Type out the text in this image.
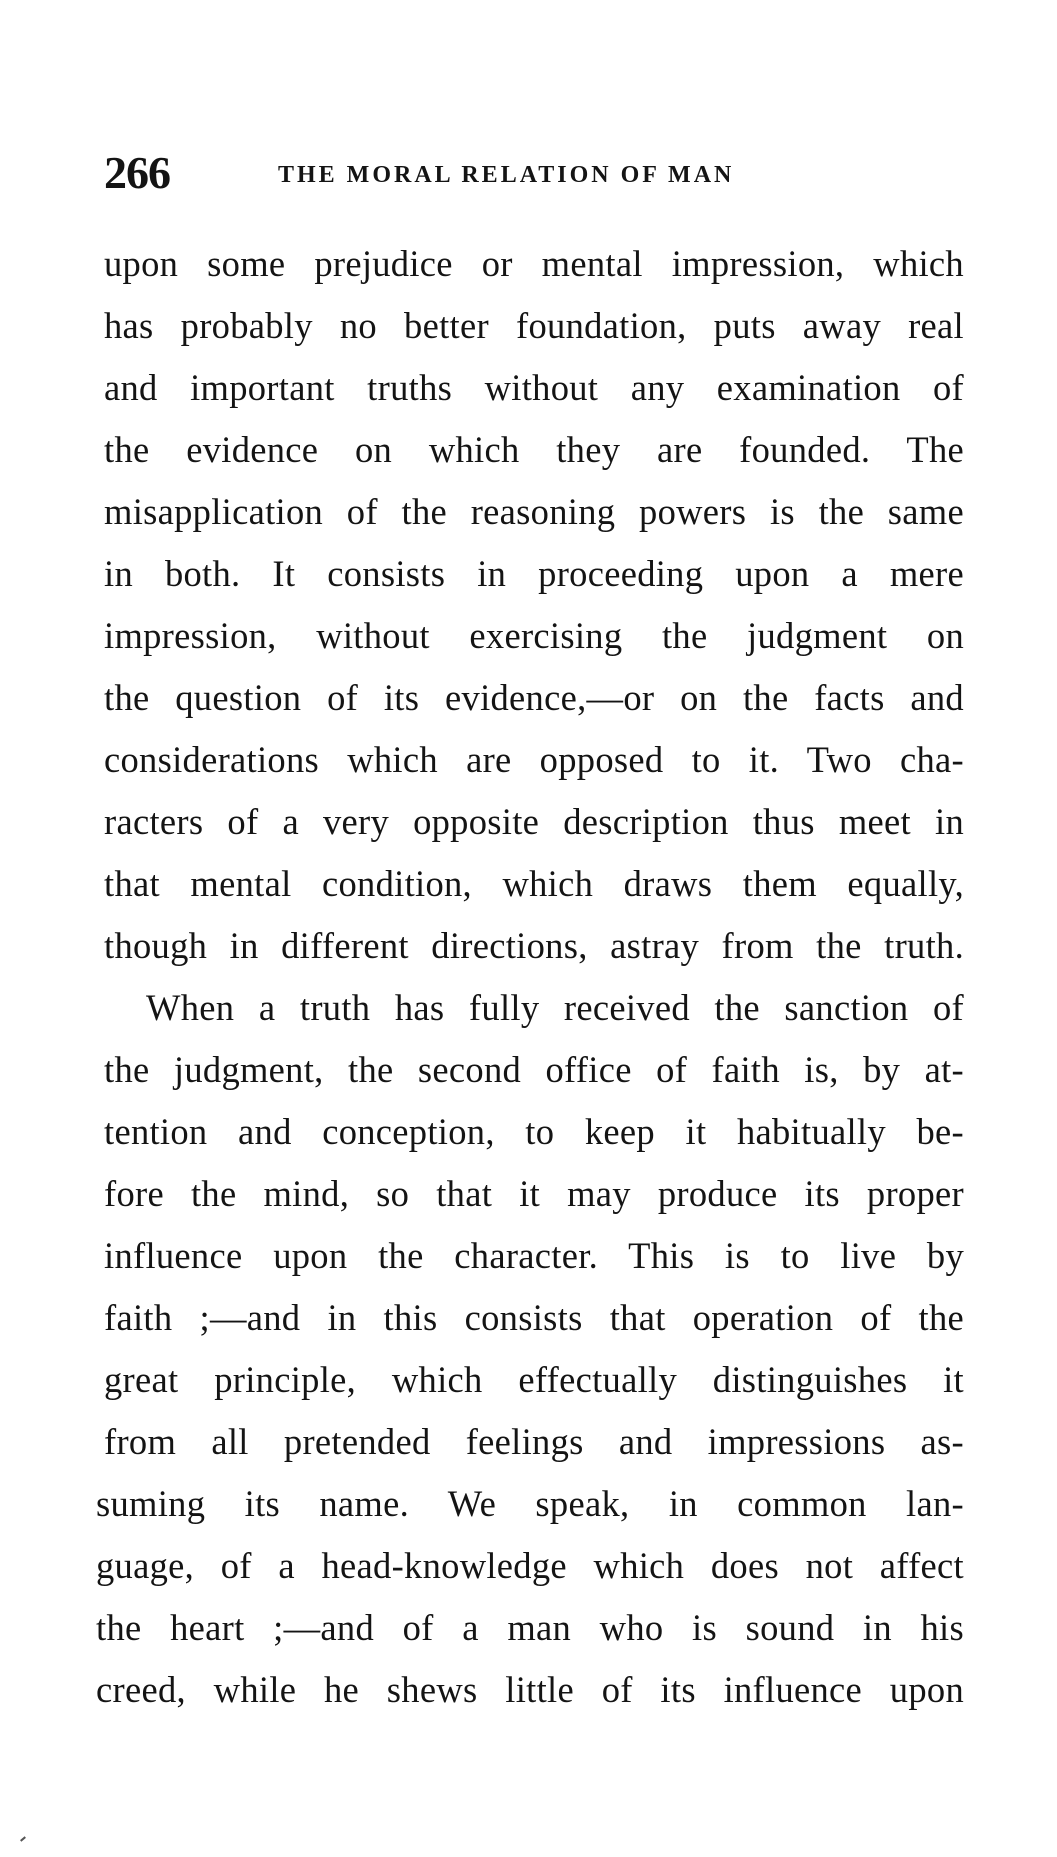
266	THE MORAL RELATION OF MAN
upon some prejudice or mental impression, which
has probably no better foundation, puts away real
and important truths without any examination of
the evidence on which they are founded. The
misapplication of the reasoning powers is the same
in both. It consists in proceeding upon a mere
impression, without exercising the judgment on
the question of its evidence,—or on the facts and
considerations which are opposed to it. Two cha-
racters of a very opposite description thus meet in
that mental condition, which draws them equally,
though in different directions, astray from the truth.
When a truth has fully received the sanction of
the judgment, the second office of faith is, by at-
tention and conception, to keep it habitually be-
fore the mind, so that it may produce its proper
influence upon the character. This is to live by
faith ;—and in this consists that operation of the
great principle, which effectually distinguishes it
from all pretended feelings and impressions as-
suming its name. We speak, in common lan-
guage, of a head-knowledge which does not affect
the heart ;—and of a man who is sound in his
creed, while he shews little of its influence upon
